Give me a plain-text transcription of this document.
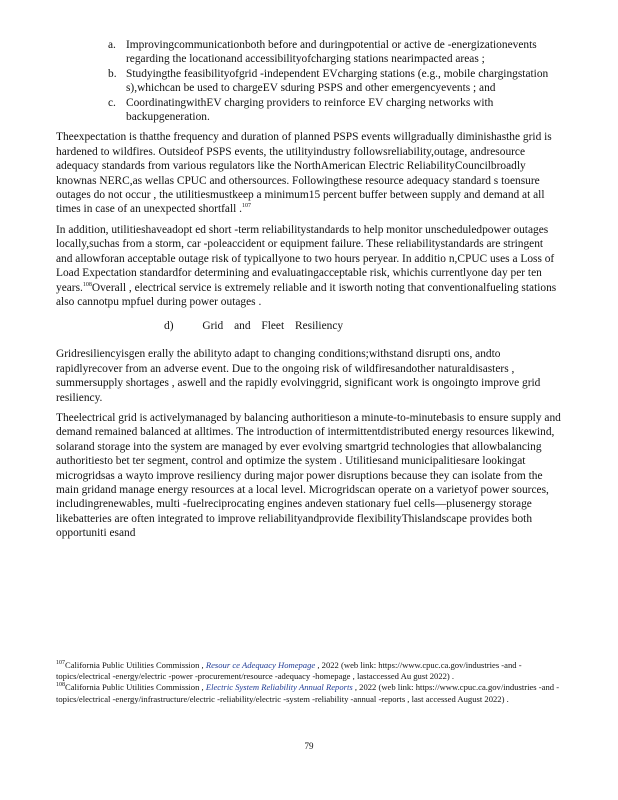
a. Improvingcommunicationboth before and duringpotential or active de -energizationevents regarding the locationand accessibilityofcharging stations nearimpacted areas ;
b. Studyingthe feasibilityofgrid -independent EVcharging stations (e.g., mobile chargingstation s),whichcan be used to chargeEV sduring PSPS and other emergencyevents ; and
c. CoordinatingwithEV charging providers to reinforce EV charging networks with backupgeneration.

Theexpectation is thatthe frequency and duration of planned PSPS events willgradually diminishasthe grid is hardened to wildfires. Outsideof PSPS events, the utilityindustry followsreliability,outage, andresource adequacy standards from various regulators like the NorthAmerican Electric ReliabilityCouncilbroadly knownas NERC,as wellas CPUC and othersources. Followingthese resource adequacy standard s toensure outages do not occur , the utilitiesmustkeep a minimum15 percent buffer between supply and demand at all times in case of an unexpected shortfall .$^{107}$

In addition, utilitieshaveadopt ed short -term reliabilitystandards to help monitor unscheduledpower outages locally,suchas from a storm, car -poleaccident or equipment failure. These reliabilitystandards are stringent and allowforan acceptable outage risk of typicallyone to two hours peryear. In additio n,CPUC uses a Loss of Load Expectation standardfor determining and evaluatingacceptable risk, whichis currentlyone day per ten years.$^{108}$Overall , electrical service is extremely reliable and it isworth noting that conventionalfueling stations also cannotpu mpfuel during power outages .

d)	Grid and Fleet Resiliency

Gridresiliencyisgen erally the abilityto adapt to changing conditions;withstand disrupti ons, andto rapidlyrecover from an adverse event. Due to the ongoing risk of wildfiresandother naturaldisasters , summersupply shortages , aswell and the rapidly evolvinggrid, significant work is ongoingto improve grid resiliency.

Theelectrical grid is activelymanaged by balancing authoritieson a minute-to-minutebasis to ensure supply and demand remained balanced at alltimes. The introduction of intermittentdistributed energy resources likewind, solarand storage into the system are managed by ever evolving smartgrid technologies that allowbalancing authoritiesto bet ter segment, control and optimize the system . Utilitiesand municipalitiesare lookingat microgridsas a wayto improve resiliency during major power disruptions because they can isolate from the main gridand manage energy resources at a local level. Microgridscan operate on a varietyof power sources, includingrenewables, multi -fuelreciprocating engines andeven stationary fuel cells—plusenergy storage likebatteries are often integrated to improve reliabilityandprovide flexibilityThislandscape provides both opportuniti esand

$^{107}$California Public Utilities Commission , Resour ce Adequacy Homepage , 2022 (web link: https://www.cpuc.ca.gov/industries -and -topics/electrical -energy/electric -power -procurement/resource -adequacy -homepage , lastaccessed Au gust 2022) .

$^{108}$California Public Utilities Commission , Electric System Reliability Annual Reports , 2022 (web link: https://www.cpuc.ca.gov/industries -and -topics/electrical -energy/infrastructure/electric -reliability/electric -system -reliability -annual -reports , last accessed August 2022) .

79
